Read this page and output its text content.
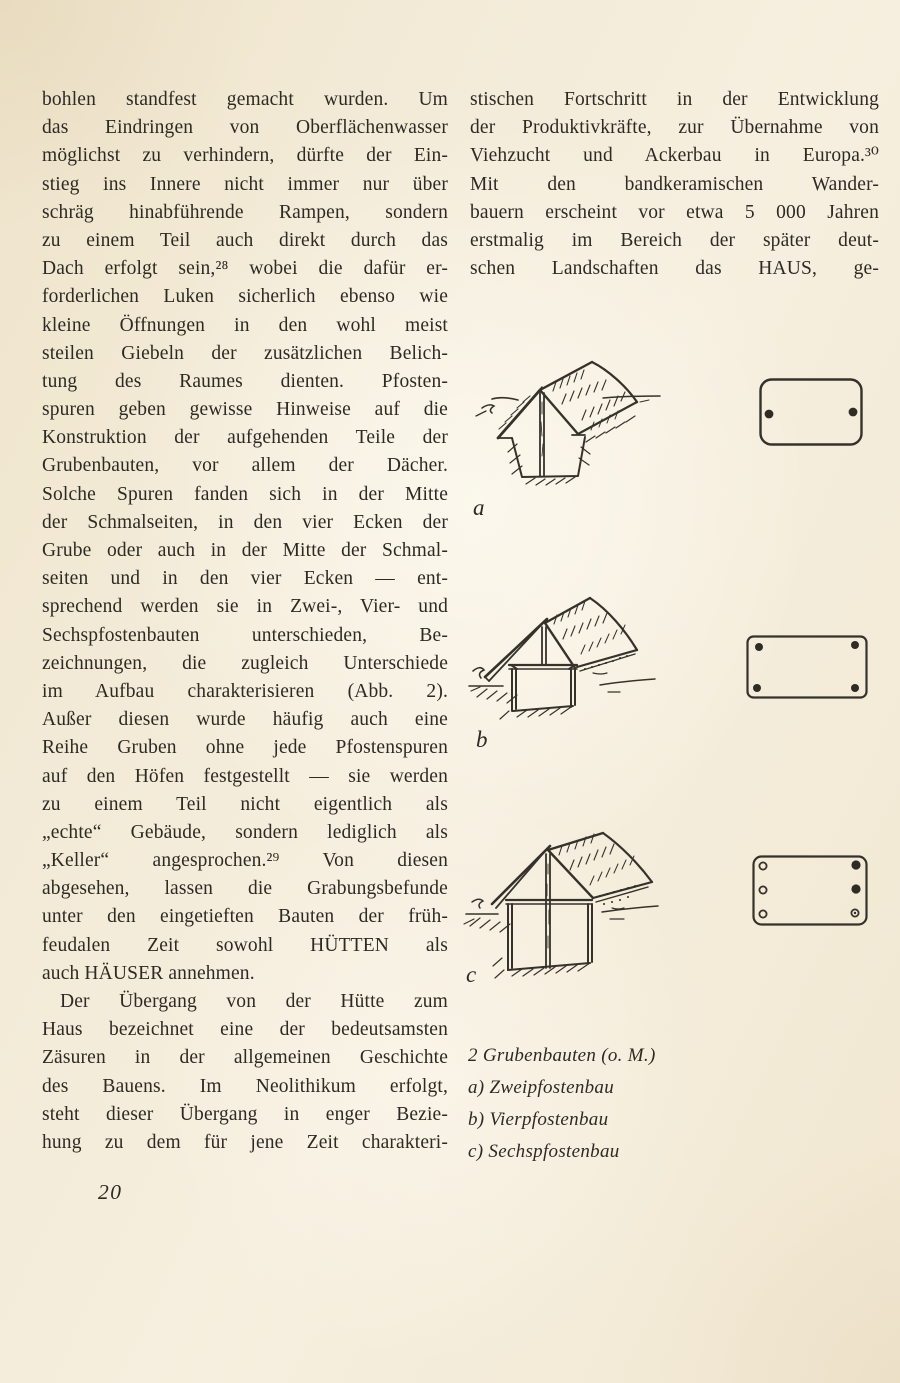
bohlen standfest gemacht wurden. Um
das Eindringen von Oberflächenwasser
möglichst zu verhindern, dürfte der Ein-
stieg ins Innere nicht immer nur über
schräg hinabführende Rampen, sondern
zu einem Teil auch direkt durch das
Dach erfolgt sein,²⁸ wobei die dafür er-
forderlichen Luken sicherlich ebenso wie
kleine Öffnungen in den wohl meist
steilen Giebeln der zusätzlichen Belich-
tung des Raumes dienten. Pfosten-
spuren geben gewisse Hinweise auf die
Konstruktion der aufgehenden Teile der
Grubenbauten, vor allem der Dächer.
Solche Spuren fanden sich in der Mitte
der Schmalseiten, in den vier Ecken der
Grube oder auch in der Mitte der Schmal-
seiten und in den vier Ecken — ent-
sprechend werden sie in Zwei-, Vier- und
Sechspfostenbauten unterschieden, Be-
zeichnungen, die zugleich Unterschiede
im Aufbau charakterisieren (Abb. 2).
Außer diesen wurde häufig auch eine
Reihe Gruben ohne jede Pfostenspuren
auf den Höfen festgestellt — sie werden
zu einem Teil nicht eigentlich als
„echte“ Gebäude, sondern lediglich als
„Keller“ angesprochen.²⁹ Von diesen
abgesehen, lassen die Grabungsbefunde
unter den eingetieften Bauten der früh-
feudalen Zeit sowohl HÜTTEN als
auch HÄUSER annehmen.
Der Übergang von der Hütte zum
Haus bezeichnet eine der bedeutsamsten
Zäsuren in der allgemeinen Geschichte
des Bauens. Im Neolithikum erfolgt,
steht dieser Übergang in enger Bezie-
hung zu dem für jene Zeit charakteri-
stischen Fortschritt in der Entwicklung
der Produktivkräfte, zur Übernahme von
Viehzucht und Ackerbau in Europa.³⁰
Mit den bandkeramischen Wander-
bauern erscheint vor etwa 5 000 Jahren
erstmalig im Bereich der später deut-
schen Landschaften das HAUS, ge-
a
b
c
2 Grubenbauten (o. M.)
a) Zweipfostenbau
b) Vierpfostenbau
c) Sechspfostenbau
20
